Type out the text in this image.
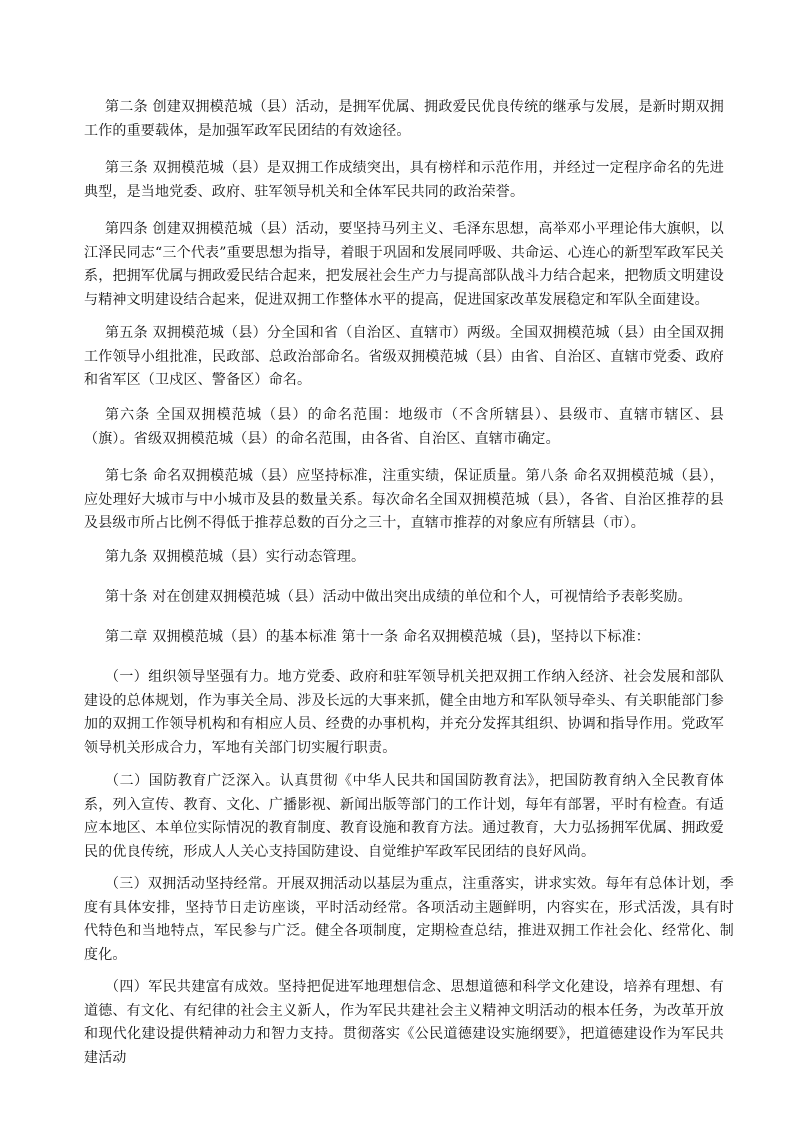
第二条 创建双拥模范城（县）活动，是拥军优属、拥政爱民优良传统的继承与发展，是新时期双拥工作的重要载体，是加强军政军民团结的有效途径。

第三条 双拥模范城（县）是双拥工作成绩突出，具有榜样和示范作用，并经过一定程序命名的先进典型，是当地党委、政府、驻军领导机关和全体军民共同的政治荣誉。

第四条 创建双拥模范城（县）活动，要坚持马列主义、毛泽东思想，高举邓小平理论伟大旗帜，以江泽民同志“三个代表”重要思想为指导，着眼于巩固和发展同呼吸、共命运、心连心的新型军政军民关系，把拥军优属与拥政爱民结合起来，把发展社会生产力与提高部队战斗力结合起来，把物质文明建设与精神文明建设结合起来，促进双拥工作整体水平的提高，促进国家改革发展稳定和军队全面建设。

第五条 双拥模范城（县）分全国和省（自治区、直辖市）两级。全国双拥模范城（县）由全国双拥工作领导小组批准，民政部、总政治部命名。省级双拥模范城（县）由省、自治区、直辖市党委、政府和省军区（卫戍区、警备区）命名。

第六条 全国双拥模范城（县）的命名范围：地级市（不含所辖县）、县级市、直辖市辖区、县（旗）。省级双拥模范城（县）的命名范围，由各省、自治区、直辖市确定。

第七条 命名双拥模范城（县）应坚持标准，注重实绩，保证质量。第八条 命名双拥模范城（县），应处理好大城市与中小城市及县的数量关系。每次命名全国双拥模范城（县），各省、自治区推荐的县及县级市所占比例不得低于推荐总数的百分之三十，直辖市推荐的对象应有所辖县（市）。

第九条 双拥模范城（县）实行动态管理。

第十条 对在创建双拥模范城（县）活动中做出突出成绩的单位和个人，可视情给予表彰奖励。

第二章 双拥模范城（县）的基本标准 第十一条 命名双拥模范城（县)，坚持以下标准：

（一）组织领导坚强有力。地方党委、政府和驻军领导机关把双拥工作纳入经济、社会发展和部队建设的总体规划，作为事关全局、涉及长远的大事来抓，健全由地方和军队领导牵头、有关职能部门参加的双拥工作领导机构和有相应人员、经费的办事机构，并充分发挥其组织、协调和指导作用。党政军领导机关形成合力，军地有关部门切实履行职责。

（二）国防教育广泛深入。认真贯彻《中华人民共和国国防教育法》，把国防教育纳入全民教育体系，列入宣传、教育、文化、广播影视、新闻出版等部门的工作计划，每年有部署，平时有检查。有适应本地区、本单位实际情况的教育制度、教育设施和教育方法。通过教育，大力弘扬拥军优属、拥政爱民的优良传统，形成人人关心支持国防建设、自觉维护军政军民团结的良好风尚。

（三）双拥活动坚持经常。开展双拥活动以基层为重点，注重落实，讲求实效。每年有总体计划，季度有具体安排，坚持节日走访座谈，平时活动经常。各项活动主题鲜明，内容实在，形式活泼，具有时代特色和当地特点，军民参与广泛。健全各项制度，定期检查总结，推进双拥工作社会化、经常化、制度化。

（四）军民共建富有成效。坚持把促进军地理想信念、思想道德和科学文化建设，培养有理想、有道德、有文化、有纪律的社会主义新人，作为军民共建社会主义精神文明活动的根本任务，为改革开放和现代化建设提供精神动力和智力支持。贯彻落实《公民道德建设实施纲要》，把道德建设作为军民共建活动
